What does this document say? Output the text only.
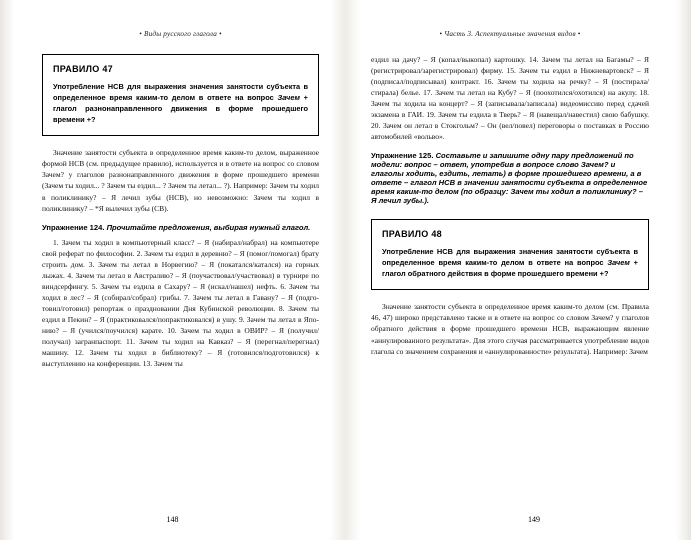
• Виды русского глагола •
ПРАВИЛО 47
Употребление НСВ для выражения значения занятости субъекта в определенное время каким-то делом в ответе на вопрос Зачем + глагол разнонаправленного движения в форме прошедшего времени +?

Значение занятости субъекта в определенное время каким-то делом, выраженное формой НСВ (см. предыдущее правило), используется и в ответе на вопрос со словом Зачем? у глаголов разнонаправленного движения в форме прошедшего времени (Зачем ты ходил... ? Зачем ты ездил... ? Зачем ты летал... ?). Например: Зачем ты ходил в поликлинику? – Я лечил зубы (НСВ), но невозможно: Зачем ты ходил в поликлинику? – *Я вылечил зубы (СВ).

Упражнение 124. Прочитайте предложения, выбирая нужный глагол.

1. Зачем ты ходил в компьютерный класс? – Я (набирал/набрал) на компьютере свой реферат по философии. 2. Зачем ты ездил в деревню? – Я (помог/помогал) брату строить дом. 3. Зачем ты летал в Норвегию? – Я (покатался/катался) на горных лыжах. 4. Зачем ты летал в Австралию? – Я (поучаствовал/участвовал) в турнире по виндсерфингу. 5. Зачем ты ездила в Сахару? – Я (искал/нашел) нефть. 6. Зачем ты ходил в лес? – Я (собирал/собрал) грибы. 7. Зачем ты летал в Гавану? – Я (подготовил/готовил) репортаж о праздновании Дня Кубинской революции. 8. Зачем ты ездил в Пекин? – Я (практиковался/попрактиковался) в ушу. 9. Зачем ты летал в Японию? – Я (учился/поучился) карате. 10. Зачем ты ходил в ОВИР? – Я (получил/получал) загранпаспорт. 11. Зачем ты ходил на Кавказ? – Я (перегнал/перегнал) машину. 12. Зачем ты ходил в библиотеку? – Я (готовился/подготовился) к выступлению на конференции. 13. Зачем ты

148
• Часть 3. Аспектуальные значения видов •

ездил на дачу? – Я (копал/выкопал) картошку. 14. Зачем ты летал на Багамы? – Я (регистрировал/зарегистрировал) фирму. 15. Зачем ты ездил в Нижневартовск? – Я (подписал/подписывал) контракт. 16. Зачем ты ходила на речку? – Я (постирала/стирала) белье. 17. Зачем ты летал на Кубу? – Я (поохотился/охотился) на акулу. 18. Зачем ты ходила на концерт? – Я (записывала/записала) видеомиссию перед сдачей экзамена в ГАИ. 19. Зачем ты ездила в Тверь? – Я (навещал/навестил) свою бабушку. 20. Зачем он летал в Стокгольм? – Он (вел/повел) переговоры о поставках в Россию автомобилей «вольво».

Упражнение 125. Составьте и запишите одну пару предложений по модели: вопрос – ответ, употребив в вопросе слово Зачем? и глаголы ходить, ездить, летать) в форме прошедшего времени, а в ответе – глагол НСВ в значении занятости субъекта в определенное время каким-то делом (по образцу: Зачем ты ходил в поликлинику? – Я лечил зубы.).
ПРАВИЛО 48
Употребление НСВ для выражения значения занятости субъекта в определенное время каким-то делом в ответе на вопрос Зачем + глагол обратного действия в форме прошедшего времени +?

Значение занятости субъекта в определенное время каким-то делом (см. Правила 46, 47) широко представлено также и в ответе на вопрос со словом Зачем? у глаголов обратного действия в форме прошедшего времени НСВ, выражающим явление «аннулированного результата». Для этого случая рассматривается употребление видов глагола со значением сохранения и «аннулированности» результата). Например: Зачем

149
